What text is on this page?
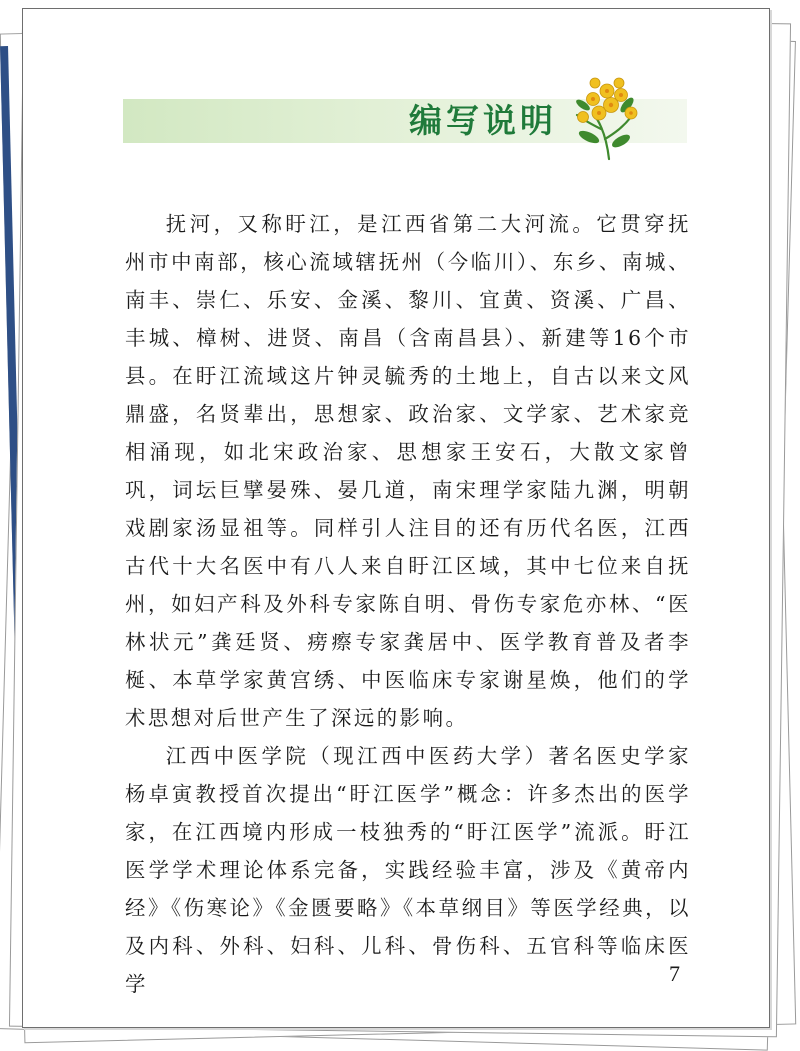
编写说明

抚河，又称盱江，是江西省第二大河流。它贯穿抚州市中南部，核心流域辖抚州（今临川）、东乡、南城、南丰、崇仁、乐安、金溪、黎川、宜黄、资溪、广昌、丰城、樟树、进贤、南昌（含南昌县）、新建等16个市县。在盱江流域这片钟灵毓秀的土地上，自古以来文风鼎盛，名贤辈出，思想家、政治家、文学家、艺术家竞相涌现，如北宋政治家、思想家王安石，大散文家曾巩，词坛巨擘晏殊、晏几道，南宋理学家陆九渊，明朝戏剧家汤显祖等。同样引人注目的还有历代名医，江西古代十大名医中有八人来自盱江区域，其中七位来自抚州，如妇产科及外科专家陈自明、骨伤专家危亦林、“医林状元”龚廷贤、痨瘵专家龚居中、医学教育普及者李梴、本草学家黄宫绣、中医临床专家谢星焕，他们的学术思想对后世产生了深远的影响。

江西中医学院（现江西中医药大学）著名医史学家杨卓寅教授首次提出“盱江医学”概念：许多杰出的医学家，在江西境内形成一枝独秀的“盱江医学”流派。盱江医学学术理论体系完备，实践经验丰富，涉及《黄帝内经》《伤寒论》《金匮要略》《本草纲目》等医学经典，以及内科、外科、妇科、儿科、骨伤科、五官科等临床医学	7
